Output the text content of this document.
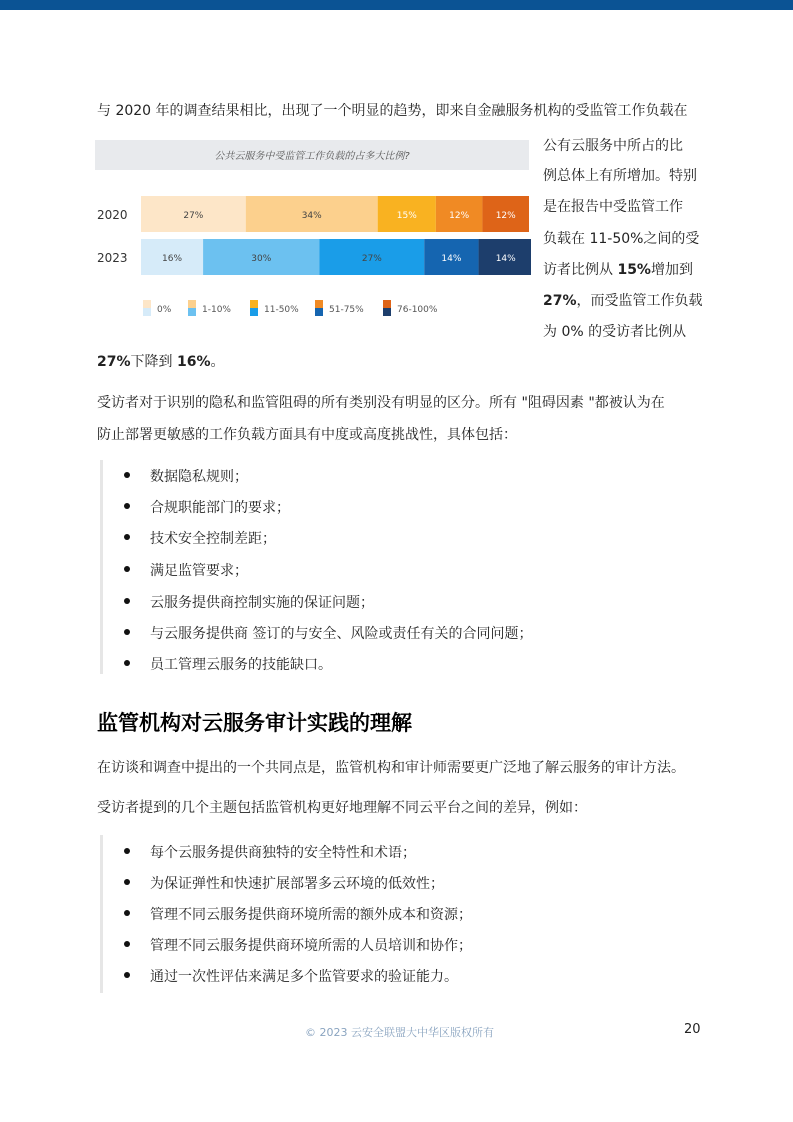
与 2020 年的调查结果相比，出现了一个明显的趋势，即来自金融服务机构的受监管工作负载在

公有云服务中所占的比
例总体上有所增加。特别
是在报告中受监管工作
负载在 11-50%之间的受
访者比例从 15%增加到
27%，而受监管工作负载
为 0% 的受访者比例从
27%下降到 16%。
公共云服务中受监管工作负载的占多大比例?
2020	27%	34%	15%	12%	12%
2023	16%	30%	27%	14%	14%
0%	1-10%	11-50%	51-75%	76-100%

受访者对于识别的隐私和监管阻碍的所有类别没有明显的区分。所有 "阻碍因素 "都被认为在

防止部署更敏感的工作负载方面具有中度或高度挑战性，具体包括：

数据隐私规则；
合规职能部门的要求；
技术安全控制差距；
满足监管要求；
云服务提供商控制实施的保证问题；
与云服务提供商 签订的与安全、风险或责任有关的合同问题；
员工管理云服务的技能缺口。
监管机构对云服务审计实践的理解

在访谈和调查中提出的一个共同点是，监管机构和审计师需要更广泛地了解云服务的审计方法。

受访者提到的几个主题包括监管机构更好地理解不同云平台之间的差异，例如：

每个云服务提供商独特的安全特性和术语；
为保证弹性和快速扩展部署多云环境的低效性；
管理不同云服务提供商环境所需的额外成本和资源；
管理不同云服务提供商环境所需的人员培训和协作；
通过一次性评估来满足多个监管要求的验证能力。
© 2023 云安全联盟大中华区版权所有	20
